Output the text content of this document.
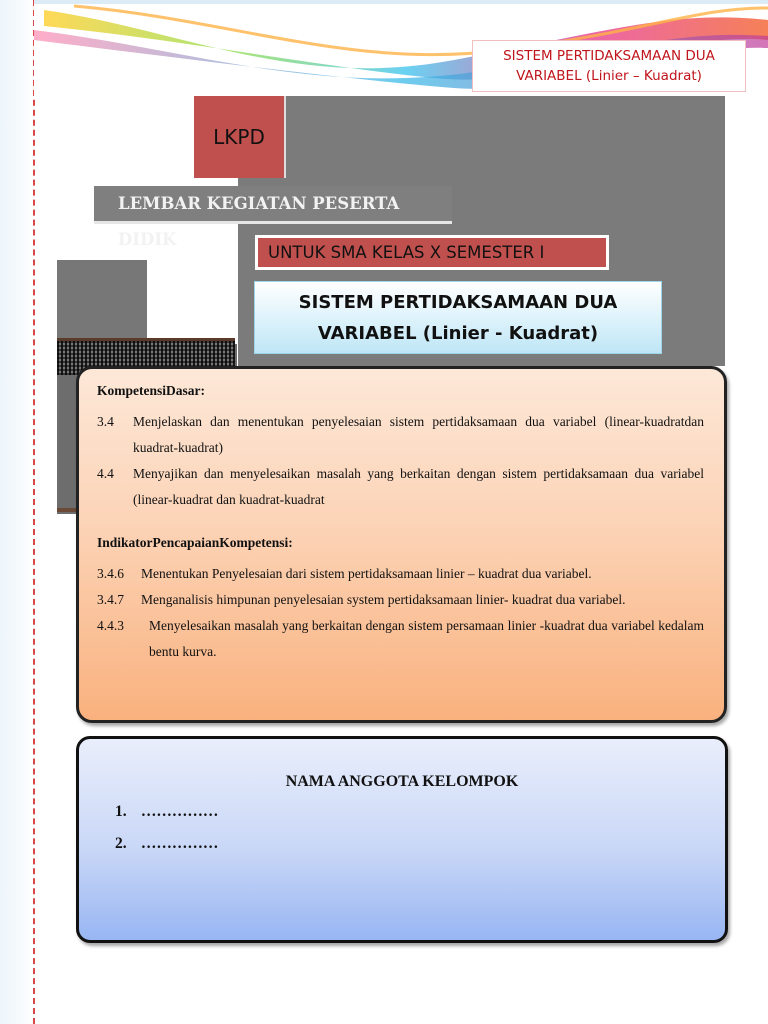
SISTEM PERTIDAKSAMAAN DUA
VARIABEL (Linier – Kuadrat)
LKPD
LEMBAR KEGIATAN PESERTA DIDIK
UNTUK SMA KELAS X SEMESTER I
SISTEM PERTIDAKSAMAAN DUA
VARIABEL (Linier - Kuadrat)
KompetensiDasar:
3.4	Menjelaskan dan menentukan penyelesaian sistem pertidaksamaan dua variabel (linear-kuadratdan kuadrat-kuadrat)
4.4	Menyajikan dan menyelesaikan masalah yang berkaitan dengan sistem pertidaksamaan dua variabel (linear-kuadrat dan kuadrat-kuadrat
IndikatorPencapaianKompetensi:
3.4.6	Menentukan Penyelesaian dari sistem pertidaksamaan linier – kuadrat dua variabel.
3.4.7	Menganalisis himpunan penyelesaian system pertidaksamaan linier- kuadrat dua variabel.
4.4.3	Menyelesaikan masalah yang berkaitan dengan sistem persamaan linier -kuadrat dua variabel kedalam bentu kurva.
NAMA ANGGOTA KELOMPOK
1. ……………
2. ……………
